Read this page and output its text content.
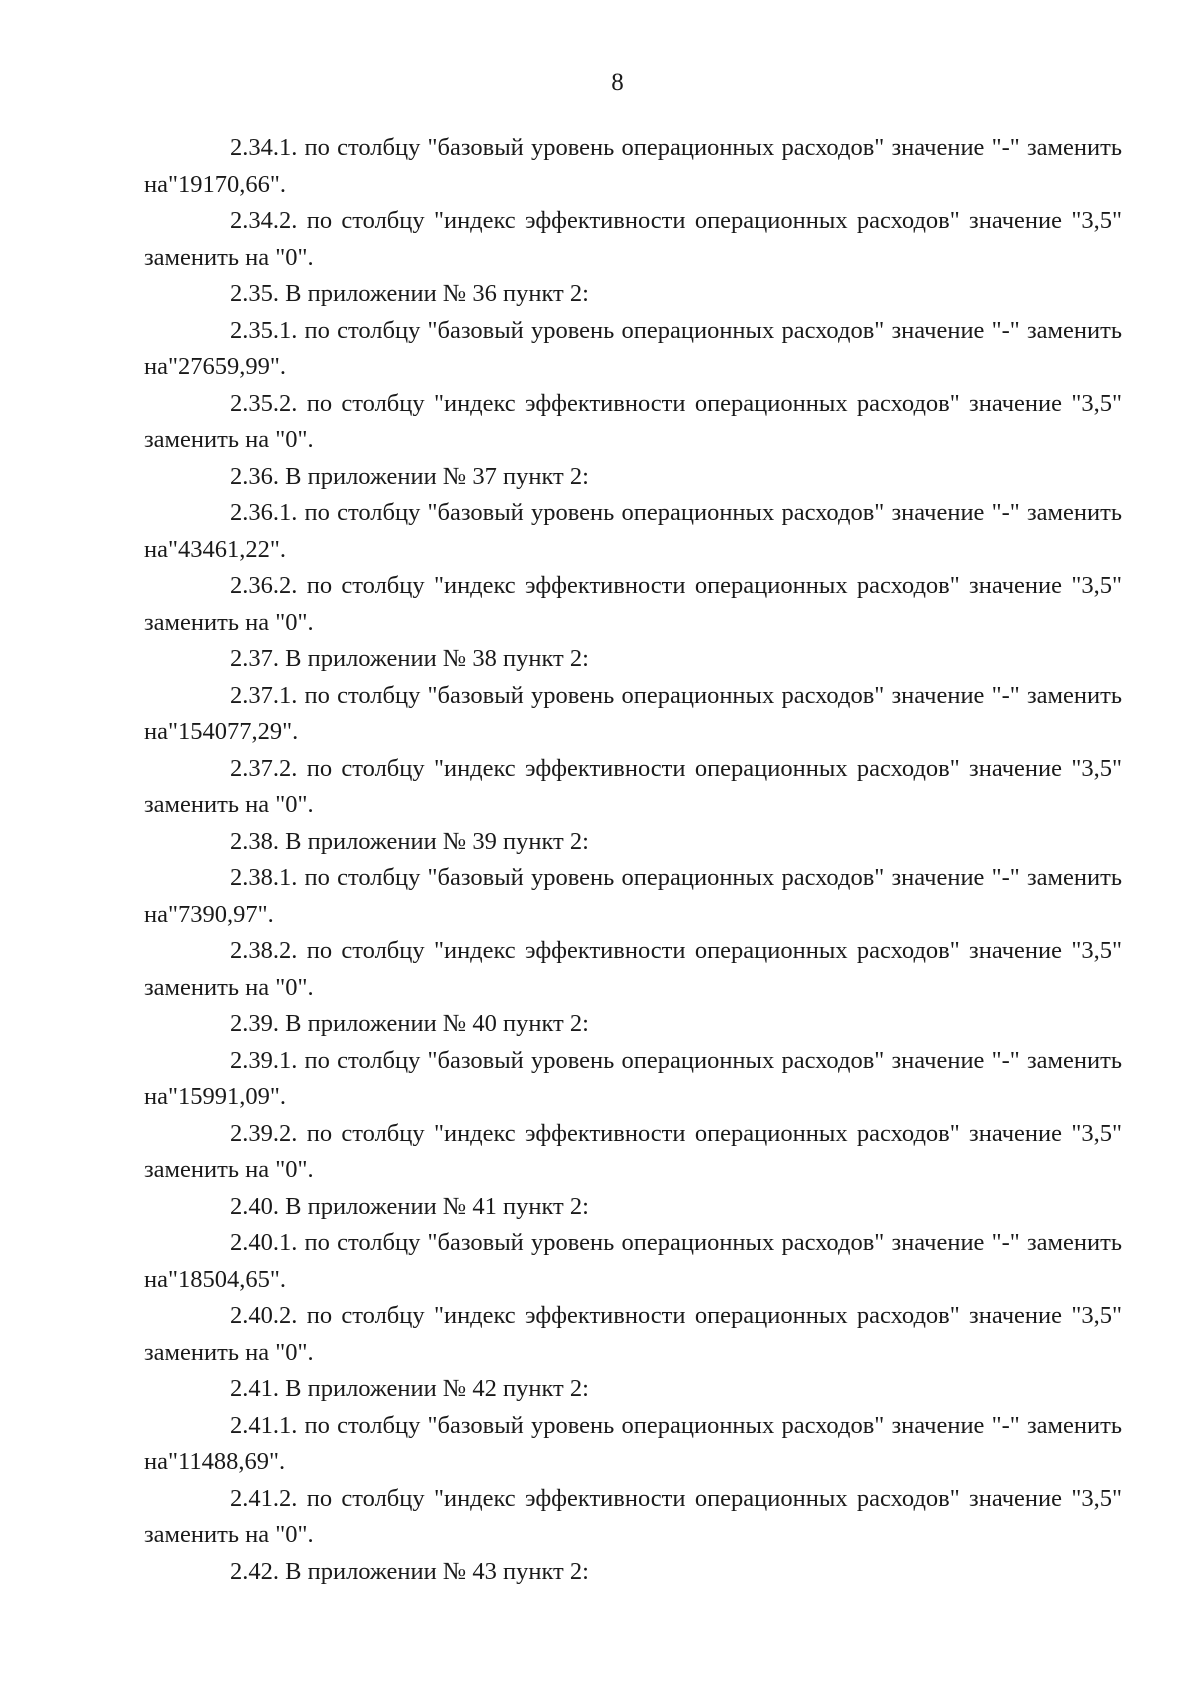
8

2.34.1. по столбцу "базовый уровень операционных расходов" значение "-" заменить на"19170,66".

2.34.2. по столбцу "индекс эффективности операционных расходов" значение "3,5" заменить на "0".

2.35. В приложении № 36 пункт 2:

2.35.1. по столбцу "базовый уровень операционных расходов" значение "-" заменить на"27659,99".

2.35.2. по столбцу "индекс эффективности операционных расходов" значение "3,5" заменить на "0".

2.36. В приложении № 37 пункт 2:

2.36.1. по столбцу "базовый уровень операционных расходов" значение "-" заменить на"43461,22".

2.36.2. по столбцу "индекс эффективности операционных расходов" значение "3,5" заменить на "0".

2.37. В приложении № 38 пункт 2:

2.37.1. по столбцу "базовый уровень операционных расходов" значение "-" заменить на"154077,29".

2.37.2. по столбцу "индекс эффективности операционных расходов" значение "3,5" заменить на "0".

2.38. В приложении № 39 пункт 2:

2.38.1. по столбцу "базовый уровень операционных расходов" значение "-" заменить на"7390,97".

2.38.2. по столбцу "индекс эффективности операционных расходов" значение "3,5" заменить на "0".

2.39. В приложении № 40 пункт 2:

2.39.1. по столбцу "базовый уровень операционных расходов" значение "-" заменить на"15991,09".

2.39.2. по столбцу "индекс эффективности операционных расходов" значение "3,5" заменить на "0".

2.40. В приложении № 41 пункт 2:

2.40.1. по столбцу "базовый уровень операционных расходов" значение "-" заменить на"18504,65".

2.40.2. по столбцу "индекс эффективности операционных расходов" значение "3,5" заменить на "0".

2.41. В приложении № 42 пункт 2:

2.41.1. по столбцу "базовый уровень операционных расходов" значение "-" заменить на"11488,69".

2.41.2. по столбцу "индекс эффективности операционных расходов" значение "3,5" заменить на "0".

2.42. В приложении № 43 пункт 2:
